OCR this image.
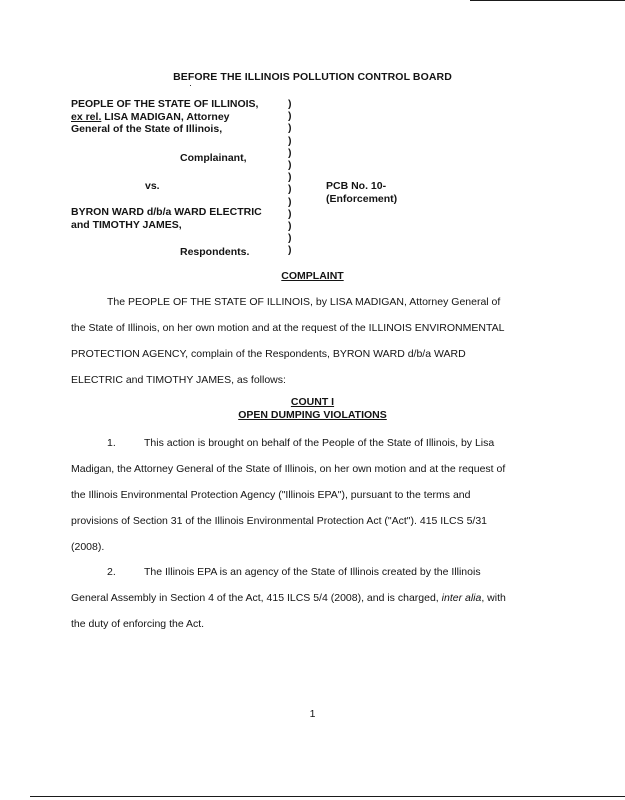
BEFORE THE ILLINOIS POLLUTION CONTROL BOARD
PEOPLE OF THE STATE OF ILLINOIS,
ex rel. LISA MADIGAN, Attorney
General of the State of Illinois,
Complainant,
vs.
BYRON WARD d/b/a WARD ELECTRIC
and TIMOTHY JAMES,
Respondents.
)
)
)
)
)
)
)
)
)
)
)
)
)
PCB No. 10-
(Enforcement)
COMPLAINT
The PEOPLE OF THE STATE OF ILLINOIS, by LISA MADIGAN, Attorney General of
the State of Illinois, on her own motion and at the request of the ILLINOIS ENVIRONMENTAL
PROTECTION AGENCY, complain of the Respondents, BYRON WARD d/b/a WARD
ELECTRIC and TIMOTHY JAMES, as follows:
COUNT I
OPEN DUMPING VIOLATIONS
1.	This action is brought on behalf of the People of the State of Illinois, by Lisa
Madigan, the Attorney General of the State of Illinois, on her own motion and at the request of
the Illinois Environmental Protection Agency ("Illinois EPA"), pursuant to the terms and
provisions of Section 31 of the Illinois Environmental Protection Act ("Act"). 415 ILCS 5/31
(2008).
2.	The Illinois EPA is an agency of the State of Illinois created by the Illinois
General Assembly in Section 4 of the Act, 415 ILCS 5/4 (2008), and is charged, inter alia, with
the duty of enforcing the Act.
1
